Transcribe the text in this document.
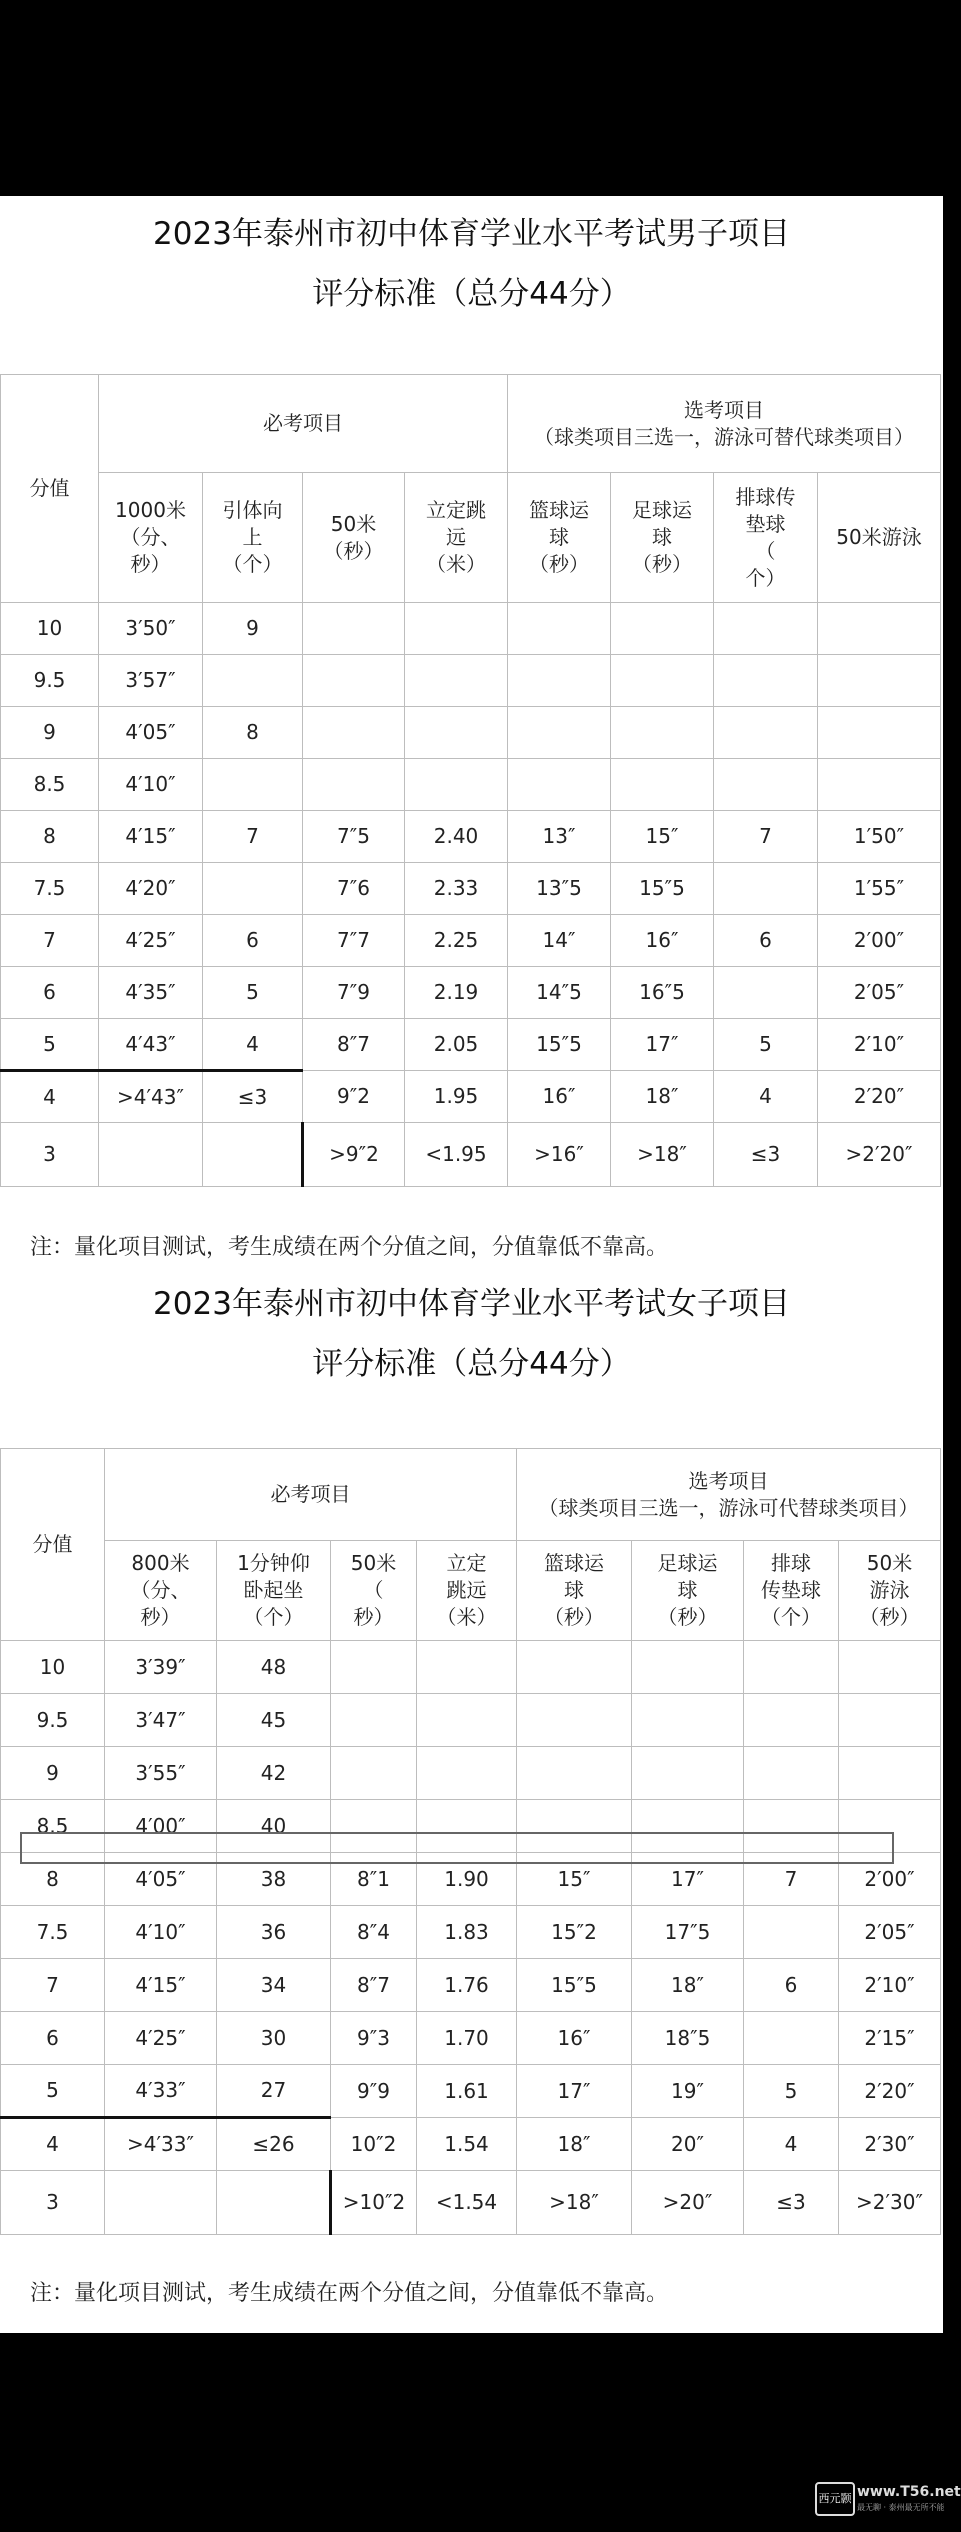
2023年泰州市初中体育学业水平考试男子项目
评分标准（总分44分）
分值	必考项目				选考项目
（球类项目三选一，游泳可替代球类项目）			
	1000米
（分、
秒）	引体向
上
（个）	50米
（秒）	立定跳
远
（米）	篮球运
球
（秒）	足球运
球
（秒）	排球传
垫球
（
个）	50米游泳
10	3′50″	9						
9.5	3′57″							
9	4′05″	8						
8.5	4′10″							
8	4′15″	7	7″5	2.40	13″	15″	7	1′50″
7.5	4′20″		7″6	2.33	13″5	15″5		1′55″
7	4′25″	6	7″7	2.25	14″	16″	6	2′00″
6	4′35″	5	7″9	2.19	14″5	16″5		2′05″
5	4′43″	4	8″7	2.05	15″5	17″	5	2′10″
4	>4′43″	≤3	9″2	1.95	16″	18″	4	2′20″
3			>9″2	<1.95	>16″	>18″	≤3	>2′20″
注：量化项目测试，考生成绩在两个分值之间，分值靠低不靠高。
2023年泰州市初中体育学业水平考试女子项目
评分标准（总分44分）
分值	必考项目				选考项目
（球类项目三选一，游泳可代替球类项目）			
	800米
（分、
秒）	1分钟仰
卧起坐
（个）	50米
（
秒）	立定
跳远
（米）	篮球运
球
（秒）	足球运
球
（秒）	排球
传垫球
（个）	50米
游泳
（秒）
10	3′39″	48						
9.5	3′47″	45						
9	3′55″	42						
8.5	4′00″	40						
8	4′05″	38	8″1	1.90	15″	17″	7	2′00″
7.5	4′10″	36	8″4	1.83	15″2	17″5		2′05″
7	4′15″	34	8″7	1.76	15″5	18″	6	2′10″
6	4′25″	30	9″3	1.70	16″	18″5		2′15″
5	4′33″	27	9″9	1.61	17″	19″	5	2′20″
4	>4′33″	≤26	10″2	1.54	18″	20″	4	2′30″
3			>10″2	<1.54	>18″	>20″	≤3	>2′30″
注：量化项目测试，考生成绩在两个分值之间，分值靠低不靠高。
西元颢 www.T56.net
最无聊 · 泰州最无所不能
